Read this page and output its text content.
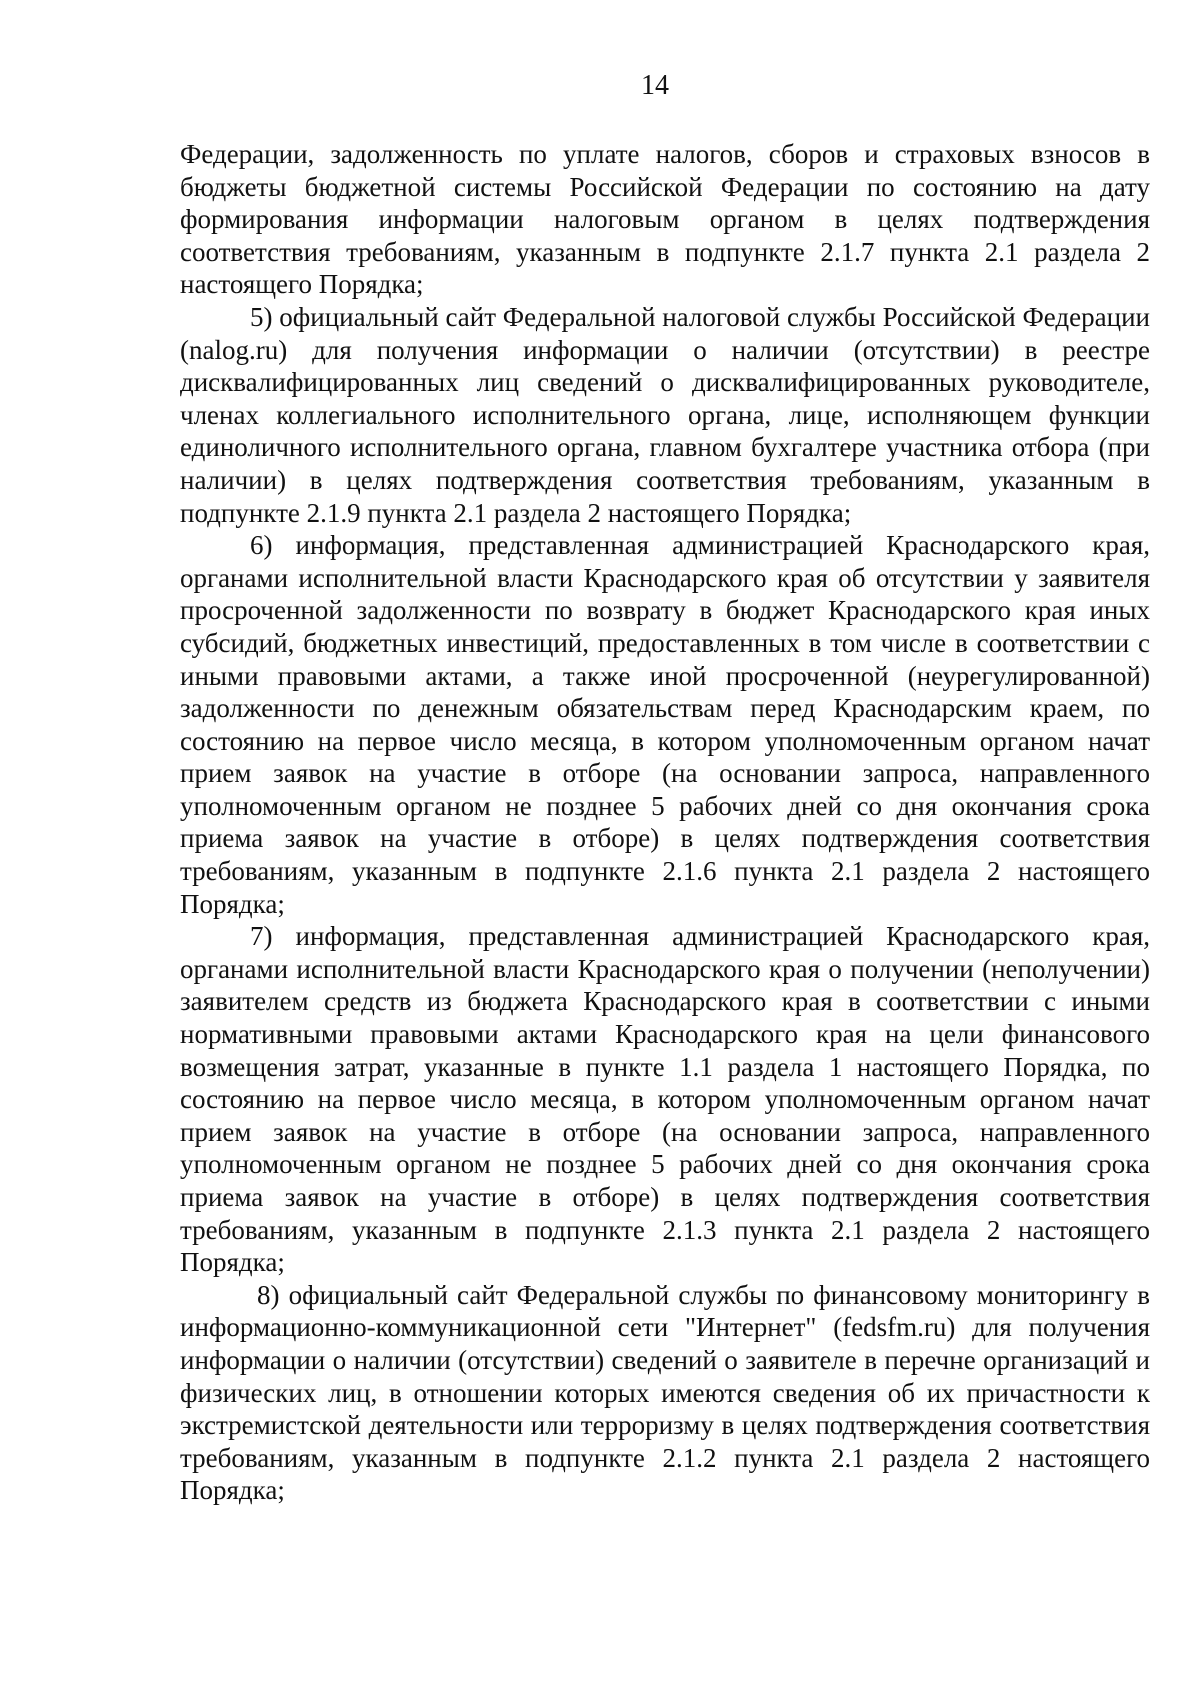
14

Федерации, задолженность по уплате налогов, сборов и страховых взносов в бюджеты бюджетной системы Российской Федерации по состоянию на дату формирования информации налоговым органом в целях подтверждения соответствия требованиям, указанным в подпункте 2.1.7 пункта 2.1 раздела 2 настоящего Порядка;

5) официальный сайт Федеральной налоговой службы Российской Федерации (nalog.ru) для получения информации о наличии (отсутствии) в реестре дисквалифицированных лиц сведений о дисквалифицированных руководителе, членах коллегиального исполнительного органа, лице, исполняющем функции единоличного исполнительного органа, главном бухгалтере участника отбора (при наличии) в целях подтверждения соответствия требованиям, указанным в подпункте 2.1.9 пункта 2.1 раздела 2 настоящего Порядка;

6) информация, представленная администрацией Краснодарского края, органами исполнительной власти Краснодарского края об отсутствии у заявителя просроченной задолженности по возврату в бюджет Краснодарского края иных субсидий, бюджетных инвестиций, предоставленных в том числе в соответствии с иными правовыми актами, а также иной просроченной (неурегулированной) задолженности по денежным обязательствам перед Краснодарским краем, по состоянию на первое число месяца, в котором уполномоченным органом начат прием заявок на участие в отборе (на основании запроса, направленного уполномоченным органом не позднее 5 рабочих дней со дня окончания срока приема заявок на участие в отборе) в целях подтверждения соответствия требованиям, указанным в подпункте 2.1.6 пункта 2.1 раздела 2 настоящего Порядка;

7) информация, представленная администрацией Краснодарского края, органами исполнительной власти Краснодарского края о получении (неполучении) заявителем средств из бюджета Краснодарского края в соответствии с иными нормативными правовыми актами Краснодарского края на цели финансового возмещения затрат, указанные в пункте 1.1 раздела 1 настоящего Порядка, по состоянию на первое число месяца, в котором уполномоченным органом начат прием заявок на участие в отборе (на основании запроса, направленного уполномоченным органом не позднее 5 рабочих дней со дня окончания срока приема заявок на участие в отборе) в целях подтверждения соответствия требованиям, указанным в подпункте 2.1.3 пункта 2.1 раздела 2 настоящего Порядка;

8) официальный сайт Федеральной службы по финансовому мониторингу в информационно-коммуникационной сети "Интернет" (fedsfm.ru) для получения информации о наличии (отсутствии) сведений о заявителе в перечне организаций и физических лиц, в отношении которых имеются сведения об их причастности к экстремистской деятельности или терроризму в целях подтверждения соответствия требованиям, указанным в подпункте 2.1.2 пункта 2.1 раздела 2 настоящего Порядка;
